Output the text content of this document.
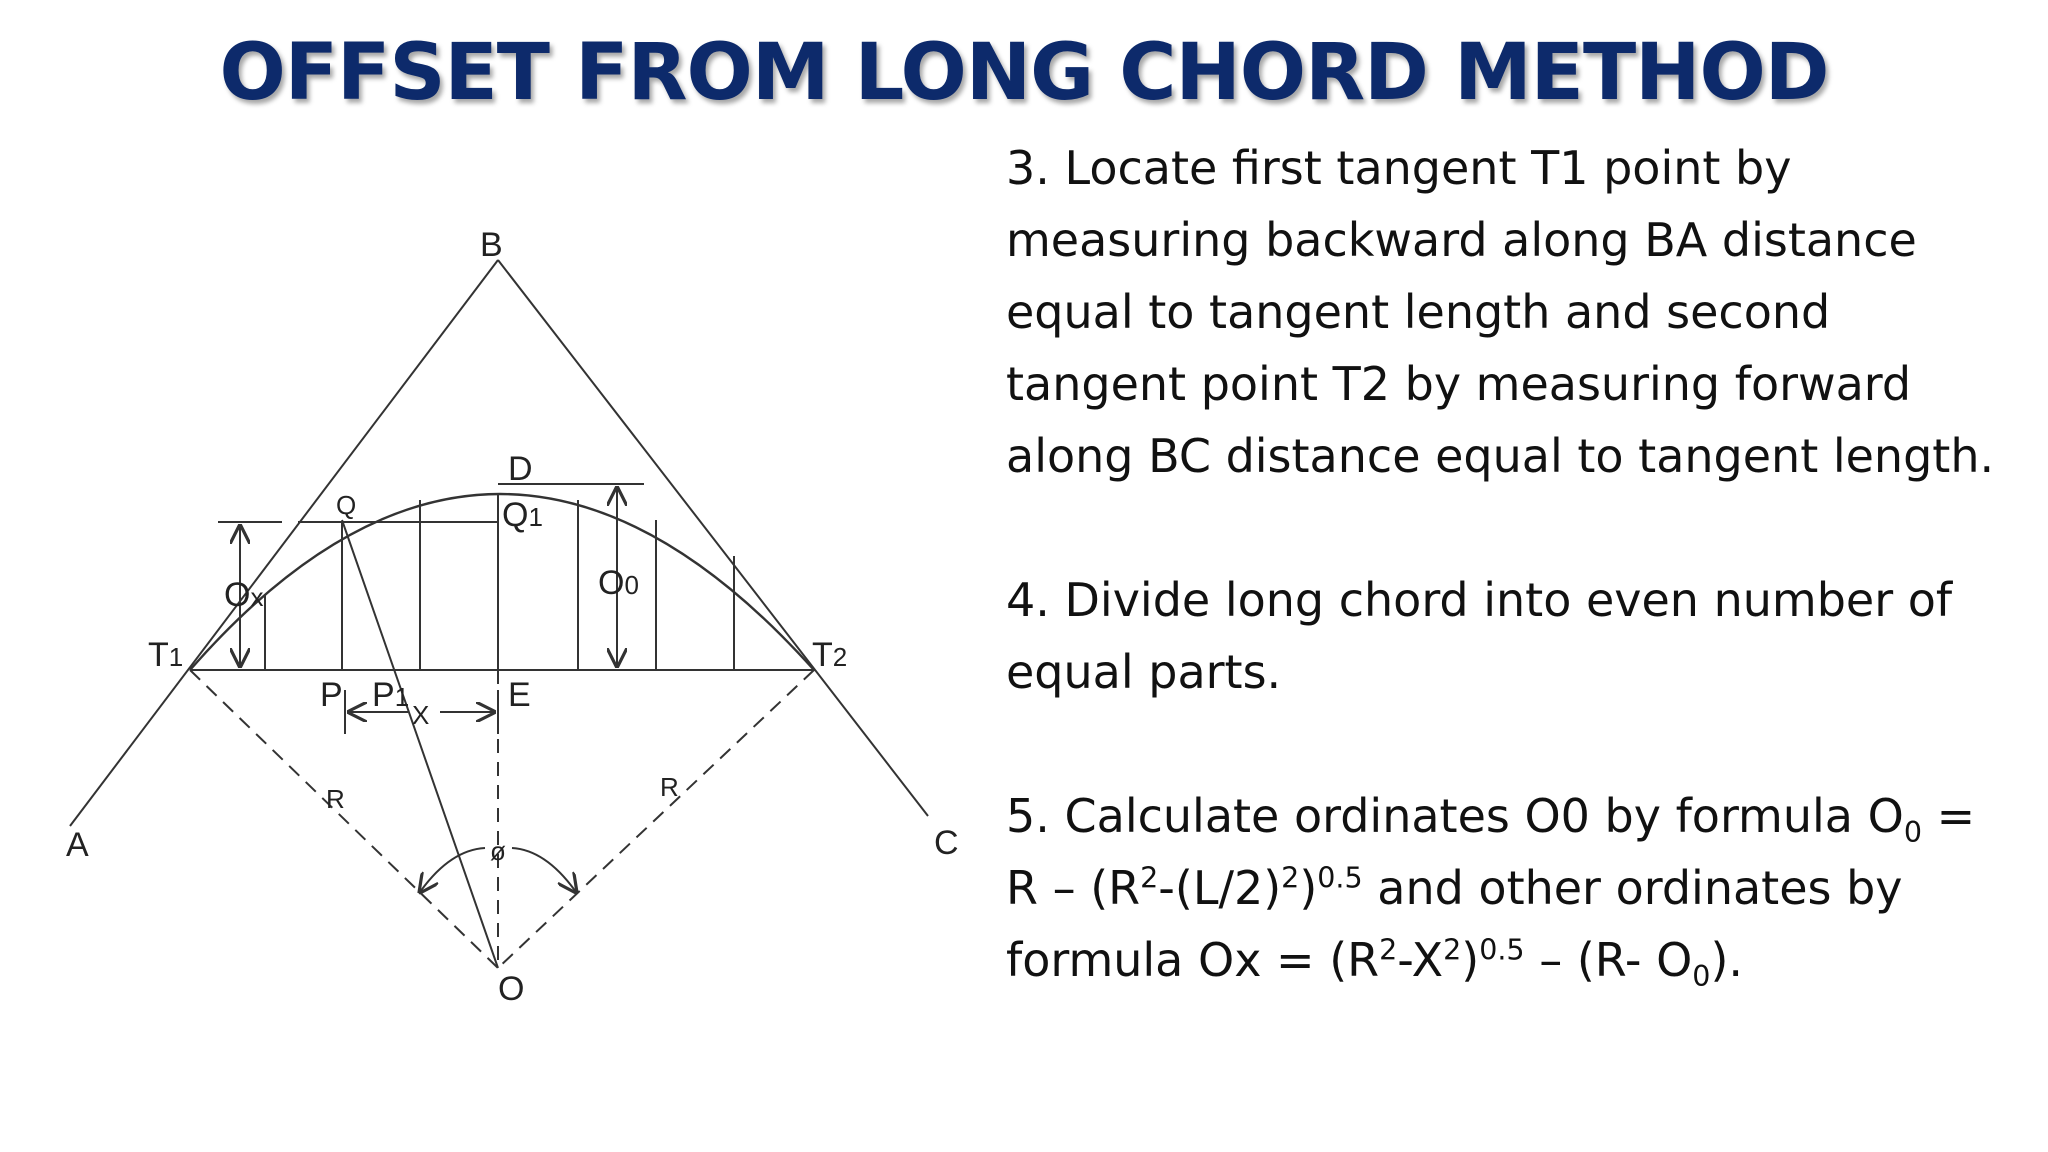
OFFSET FROM LONG CHORD METHOD
B
A	C
D
E
O
ø
Q	Q1
T1	T2
P P1
X
Ox	O0
R	R

3. Locate first tangent T1 point by measuring backward along BA distance equal to tangent length and second tangent point T2 by measuring forward along BC distance equal to tangent length.

4. Divide long chord into even number of equal parts.

5. Calculate ordinates O0 by formula $O_0 = R - (R^2-(L/2)^2)^{0.5}$ and other ordinates by formula $Ox = (R^2-X^2)^{0.5} - (R-$ $O_0$).
